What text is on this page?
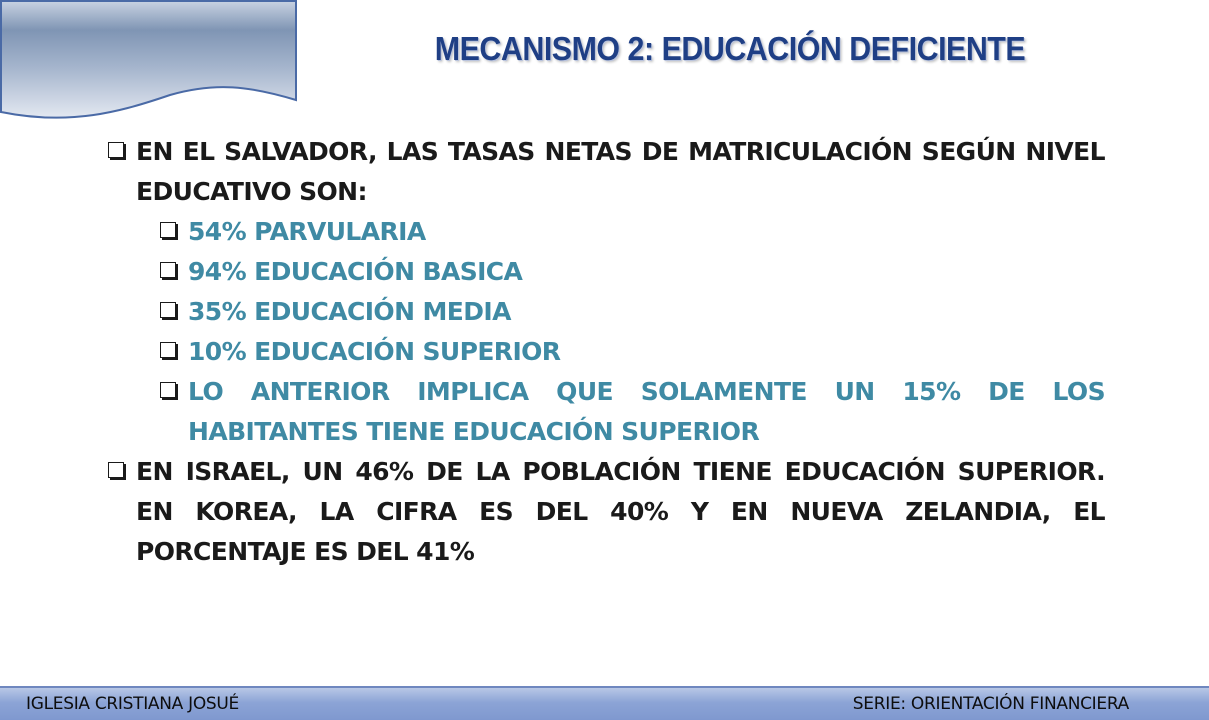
MECANISMO 2: EDUCACIÓN DEFICIENTE
EN EL SALVADOR, LAS TASAS NETAS DE MATRICULACIÓN SEGÚN NIVEL EDUCATIVO SON:
54% PARVULARIA
94% EDUCACIÓN BASICA
35% EDUCACIÓN MEDIA
10% EDUCACIÓN SUPERIOR
LO ANTERIOR IMPLICA QUE SOLAMENTE UN 15% DE LOS HABITANTES TIENE EDUCACIÓN SUPERIOR
EN ISRAEL, UN 46% DE LA POBLACIÓN TIENE EDUCACIÓN SUPERIOR. EN KOREA, LA CIFRA ES DEL 40% Y EN NUEVA ZELANDIA, EL PORCENTAJE ES DEL 41%
IGLESIA CRISTIANA JOSUÉ	SERIE: ORIENTACIÓN FINANCIERA
